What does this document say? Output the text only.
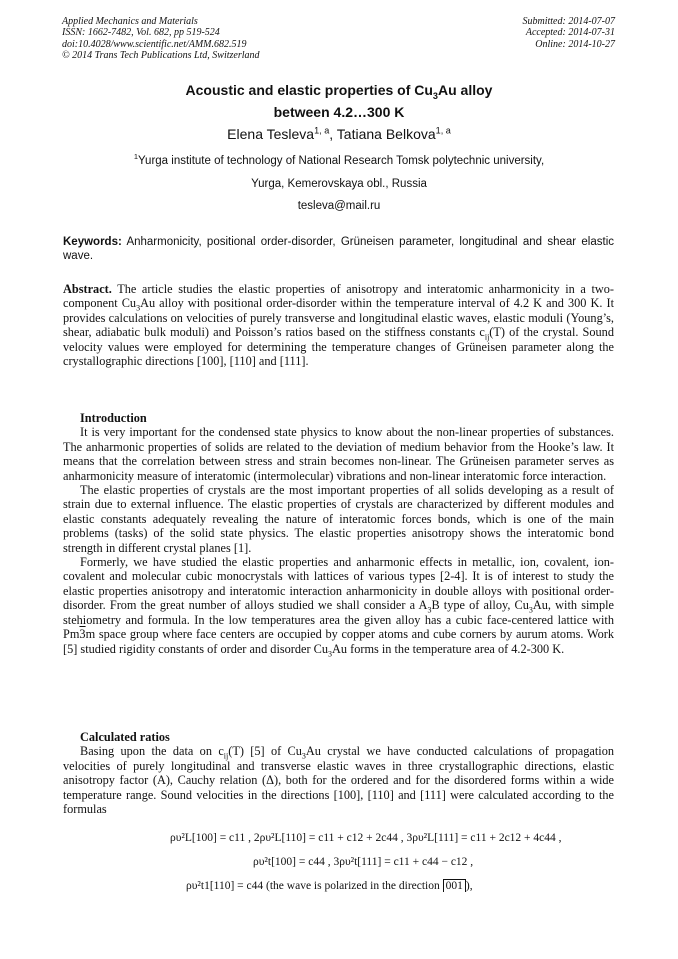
Applied Mechanics and Materials
ISSN: 1662-7482, Vol. 682, pp 519-524
doi:10.4028/www.scientific.net/AMM.682.519
© 2014 Trans Tech Publications Ltd, Switzerland
Submitted: 2014-07-07
Accepted: 2014-07-31
Online: 2014-10-27
Acoustic and elastic properties of $Cu_3Au$ alloy
between 4.2…300 K
Elena Tesleva$^{1, a}$, Tatiana Belkova$^{1, a}$
$^1$Yurga institute of technology of National Research Tomsk polytechnic university,
Yurga, Kemerovskaya obl., Russia
tesleva@mail.ru
Keywords: Anharmonicity, positional order-disorder, Grüneisen parameter, longitudinal and shear elastic wave.

Abstract. The article studies the elastic properties of anisotropy and interatomic anharmonicity in a two-component $Cu_3Au$ alloy with positional order-disorder within the temperature interval of 4.2 K and 300 K. It provides calculations on velocities of purely transverse and longitudinal elastic waves, elastic moduli (Young’s, shear, adiabatic bulk moduli) and Poisson’s ratios based on the stiffness constants $c_{ij}(T)$ of the crystal. Sound velocity values were employed for determining the temperature changes of Grüneisen parameter along the crystallographic directions [100], [110] and [111].

Introduction

It is very important for the condensed state physics to know about the non-linear properties of substances. The anharmonic properties of solids are related to the deviation of medium behavior from the Hooke’s law. It means that the correlation between stress and strain becomes non-linear. The Grüneisen parameter serves as anharmonicity measure of interatomic (intermolecular) vibrations and non-linear interatomic force interaction.

The elastic properties of crystals are the most important properties of all solids developing as a result of strain due to external influence. The elastic properties of crystals are characterized by different modules and elastic constants adequately revealing the nature of interatomic forces bonds, which is one of the main problems (tasks) of the solid state physics. The elastic properties anisotropy shows the interatomic bond strength in different crystal planes [1].

Formerly, we have studied the elastic properties and anharmonic effects in metallic, ion, covalent, ion-covalent and molecular cubic monocrystals with lattices of various types [2-4]. It is of interest to study the elastic properties anisotropy and interatomic interaction anharmonicity in double alloys with positional order-disorder. From the great number of alloys studied we shall consider a $A_3B$ type of alloy, $Cu_3Au$, with simple stehiometry and formula. In the low temperatures area the given alloy has a cubic face-centered lattice with Pm3m space group where face centers are occupied by copper atoms and cube corners by aurum atoms. Work [5] studied rigidity constants of order and disorder $Cu_3Au$ forms in the temperature area of 4.2-300 K.

Calculated ratios

Basing upon the data on $c_{ij}(T)$ [5] of $Cu_3Au$ crystal we have conducted calculations of propagation velocities of purely longitudinal and transverse elastic waves in three crystallographic directions, elastic anisotropy factor (A), Cauchy relation (Δ), both for the ordered and for the disordered forms within a wide temperature range. Sound velocities in the directions [100], [110] and [111] were calculated according to the formulas

ρυ²L[100] = c11 , 2ρυ²L[110] = c11 + c12 + 2c44 , 3ρυ²L[111] = c11 + 2c12 + 4c44 ,
ρυ²t[100] = c44 , 3ρυ²t[111] = c11 + c44 − c12 ,
ρυ²t1[110] = c44 (the wave is polarized in the direction 001 ),
